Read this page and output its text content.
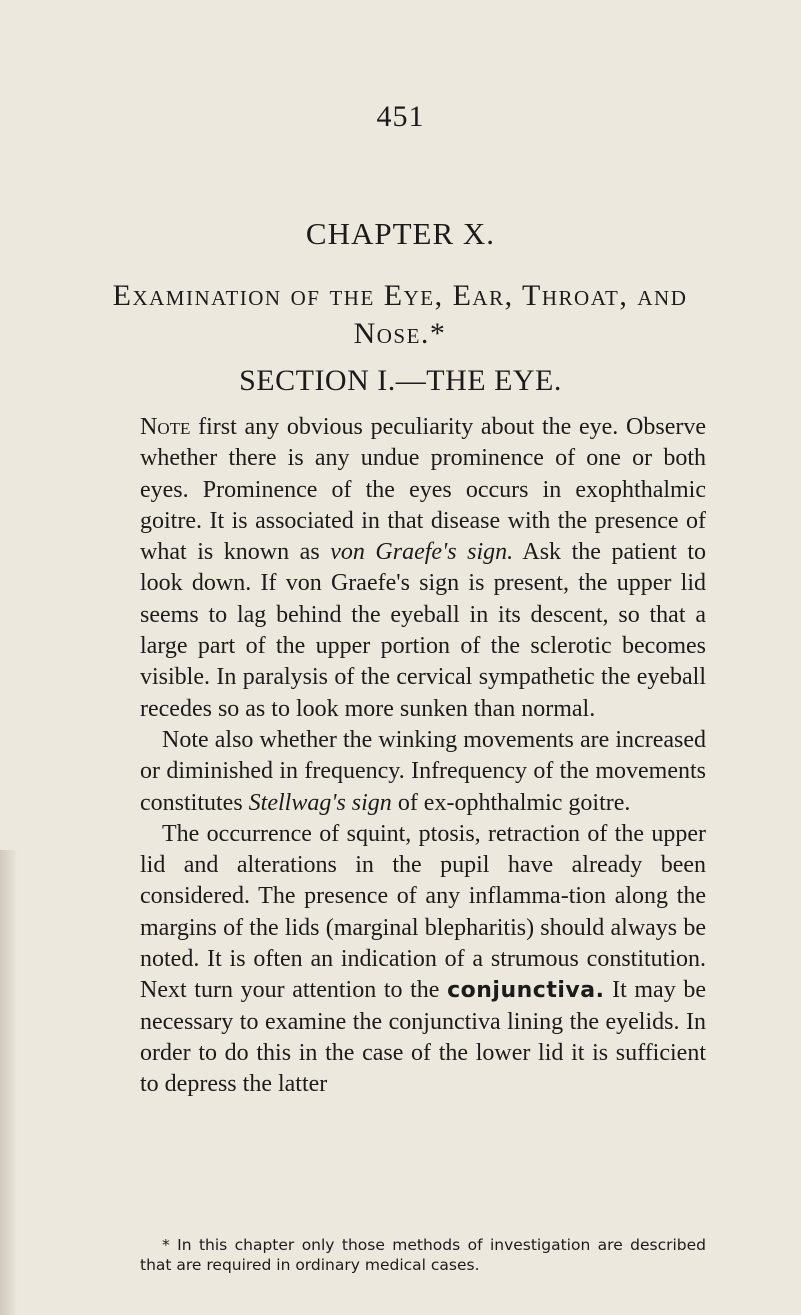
451
CHAPTER X.
Examination of the Eye, Ear, Throat, and
Nose.*
SECTION I.—THE EYE.

Note first any obvious peculiarity about the eye. Observe whether there is any undue prominence of one or both eyes. Prominence of the eyes occurs in exophthalmic goitre. It is associated in that disease with the presence of what is known as von Graefe's sign. Ask the patient to look down. If von Graefe's sign is present, the upper lid seems to lag behind the eyeball in its descent, so that a large part of the upper portion of the sclerotic becomes visible. In paralysis of the cervical sympathetic the eyeball recedes so as to look more sunken than normal.

Note also whether the winking movements are increased or diminished in frequency. Infrequency of the movements constitutes Stellwag's sign of ex-ophthalmic goitre.

The occurrence of squint, ptosis, retraction of the upper lid and alterations in the pupil have already been considered. The presence of any inflamma-tion along the margins of the lids (marginal blepharitis) should always be noted. It is often an indication of a strumous constitution. Next turn your attention to the conjunctiva. It may be necessary to examine the conjunctiva lining the eyelids. In order to do this in the case of the lower lid it is sufficient to depress the latter

* In this chapter only those methods of investigation are described that are required in ordinary medical cases.
